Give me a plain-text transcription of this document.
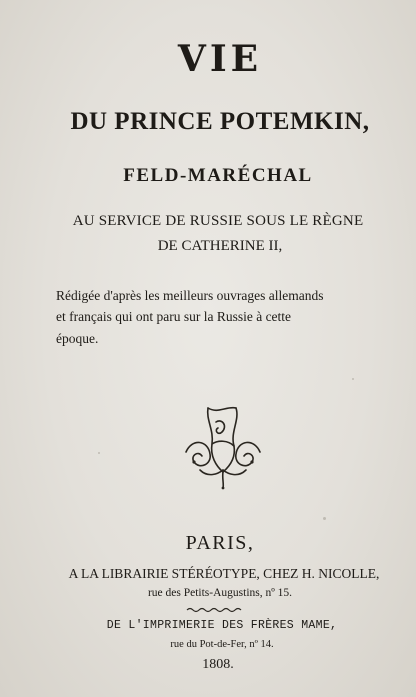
VIE
DU PRINCE POTEMKIN,
FELD-MARÉCHAL
AU SERVICE DE RUSSIE SOUS LE RÈGNE
DE CATHERINE II,
Rédigée d'après les meilleurs ouvrages allemands
et français qui ont paru sur la Russie à cette
époque.
PARIS,
A LA LIBRAIRIE STÉRÉOTYPE, CHEZ H. NICOLLE,
rue des Petits-Augustins, nº 15.
DE L'IMPRIMERIE DES FRÈRES MAME,
rue du Pot-de-Fer, nº 14.
1808.
